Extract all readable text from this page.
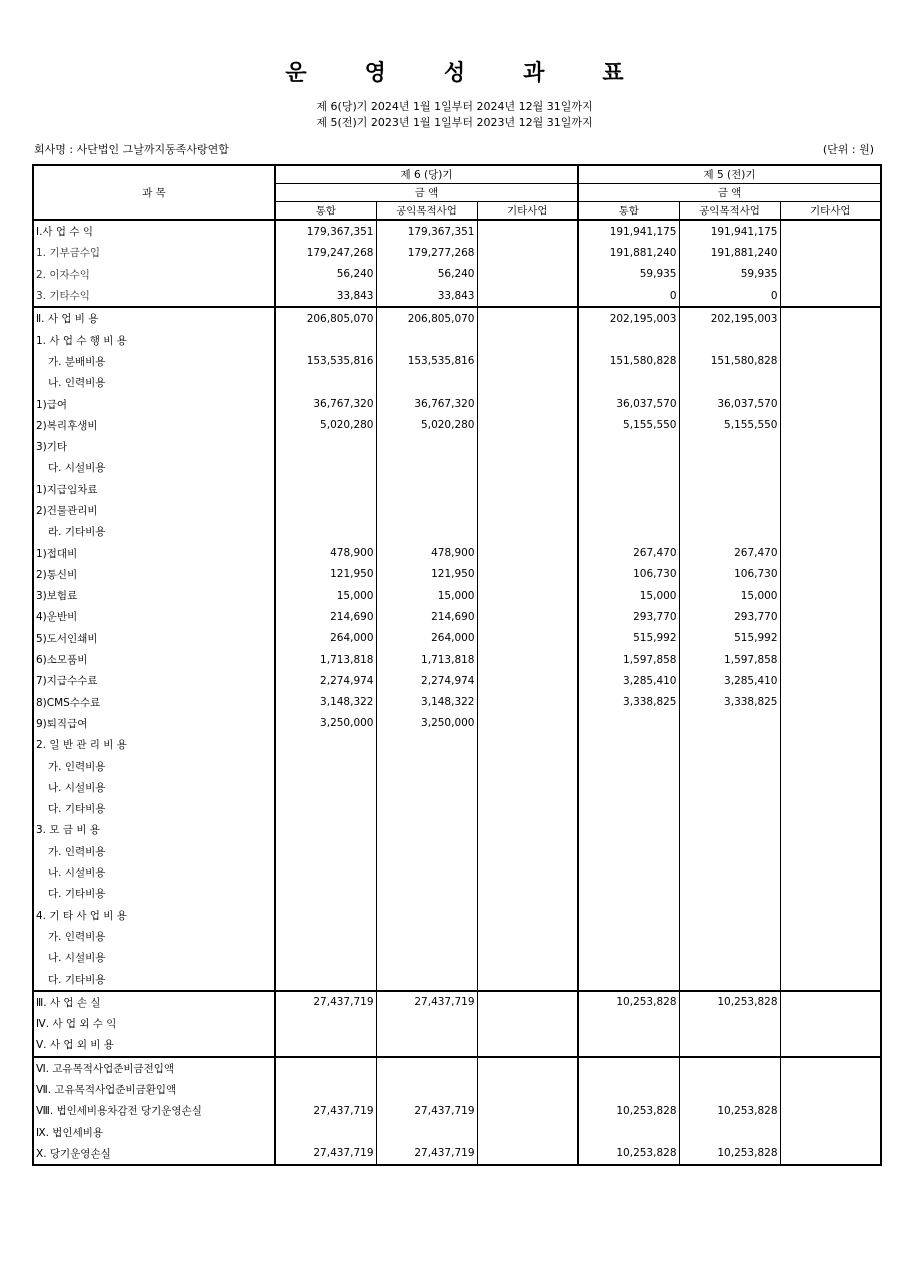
운	영	성	과	표
제 6(당)기 2024년 1월 1일부터 2024년 12월 31일까지
제 5(전)기 2023년 1월 1일부터 2023년 12월 31일까지
회사명 : 사단법인 그날까지동족사랑연합	(단위 : 원)
과 목	제 6 (당)기			제 5 (전)기		
	금 액			금 액		
	통합	공익목적사업	기타사업	통합	공익목적사업	기타사업
Ⅰ.사 업 수 익	179,367,351	179,367,351		191,941,175	191,941,175	
1. 기부금수입	179,247,268	179,277,268		191,881,240	191,881,240	
2. 이자수익	56,240	56,240		59,935	59,935	
3. 기타수익	33,843	33,843		0	0	
Ⅱ. 사 업 비 용	206,805,070	206,805,070		202,195,003	202,195,003	
1. 사 업 수 행 비 용						
가. 분배비용	153,535,816	153,535,816		151,580,828	151,580,828	
나. 인력비용						
1)급여	36,767,320	36,767,320		36,037,570	36,037,570	
2)복리후생비	5,020,280	5,020,280		5,155,550	5,155,550	
3)기타						
다. 시설비용						
1)지급임차료						
2)건물관리비						
라. 기타비용						
1)접대비	478,900	478,900		267,470	267,470	
2)통신비	121,950	121,950		106,730	106,730	
3)보험료	15,000	15,000		15,000	15,000	
4)운반비	214,690	214,690		293,770	293,770	
5)도서인쇄비	264,000	264,000		515,992	515,992	
6)소모품비	1,713,818	1,713,818		1,597,858	1,597,858	
7)지급수수료	2,274,974	2,274,974		3,285,410	3,285,410	
8)CMS수수료	3,148,322	3,148,322		3,338,825	3,338,825	
9)퇴직급여	3,250,000	3,250,000				
2. 일 반 관 리 비 용						
가. 인력비용						
나. 시설비용						
다. 기타비용						
3. 모 금 비 용						
가. 인력비용						
나. 시설비용						
다. 기타비용						
4. 기 타 사 업 비 용						
가. 인력비용						
나. 시설비용						
다. 기타비용						
Ⅲ. 사 업 손 실	27,437,719	27,437,719		10,253,828	10,253,828	
Ⅳ. 사 업 외 수 익						
Ⅴ. 사 업 외 비 용						
Ⅵ. 고유목적사업준비금전입액						
Ⅶ. 고유목적사업준비금환입액						
Ⅷ. 법인세비용차감전 당기운영손실	27,437,719	27,437,719		10,253,828	10,253,828	
Ⅸ. 법인세비용						
Ⅹ. 당기운영손실	27,437,719	27,437,719		10,253,828	10,253,828	
